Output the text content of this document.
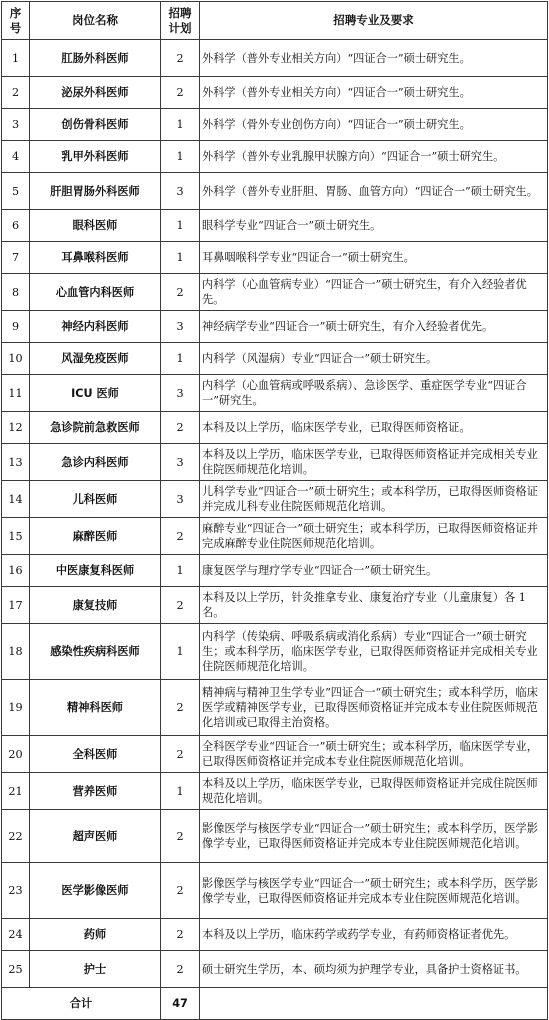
序号	岗位名称	招聘计划	招聘专业及要求
1	肛肠外科医师	2	外科学（普外专业相关方向）“四证合一”硕士研究生。
2	泌尿外科医师	2	外科学（普外专业相关方向）“四证合一”硕士研究生。
3	创伤骨科医师	1	外科学（骨外专业创伤方向）“四证合一”硕士研究生。
4	乳甲外科医师	1	外科学（普外专业乳腺甲状腺方向）“四证合一”硕士研究生。
5	肝胆胃肠外科医师	3	外科学（普外专业肝胆、胃肠、血管方向）“四证合一”硕士研究生。
6	眼科医师	1	眼科学专业“四证合一”硕士研究生。
7	耳鼻喉科医师	1	耳鼻咽喉科学专业“四证合一”硕士研究生。
8	心血管内科医师	2	内科学（心血管病专业）“四证合一”硕士研究生，有介入经验者优先。
9	神经内科医师	3	神经病学专业“四证合一”硕士研究生，有介入经验者优先。
10	风湿免疫医师	1	内科学（风湿病）专业“四证合一”硕士研究生。
11	ICU 医师	3	内科学（心血管病或呼吸系病）、急诊医学、重症医学专业“四证合一”研究生。
12	急诊院前急救医师	2	本科及以上学历，临床医学专业，已取得医师资格证。
13	急诊内科医师	3	本科及以上学历，临床医学专业，已取得医师资格证并完成相关专业住院医师规范化培训。
14	儿科医师	3	儿科学专业“四证合一”硕士研究生；或本科学历，已取得医师资格证并完成儿科专业住院医师规范化培训。
15	麻醉医师	2	麻醉专业“四证合一”硕士研究生；或本科学历，已取得医师资格证并完成麻醉专业住院医师规范化培训。
16	中医康复科医师	1	康复医学与理疗学专业“四证合一”硕士研究生。
17	康复技师	2	本科及以上学历，针灸推拿专业、康复治疗专业（儿童康复）各 1 名。
18	感染性疾病科医师	1	内科学（传染病、呼吸系病或消化系病）专业“四证合一”硕士研究生；或本科学历，临床医学专业，已取得医师资格证并完成相关专业住院医师规范化培训。
19	精神科医师	2	精神病与精神卫生学专业”四证合一“硕士研究生；或本科学历，临床医学或精神医学专业，已取得医师资格证并完成本专业住院医师规范化培训或已取得主治资格。
20	全科医师	2	全科医学专业“四证合一”硕士研究生；或本科学历，临床医学专业，已取得医师资格证并完成本专业住院医师规范化培训。
21	营养医师	1	本科及以上学历，临床医学专业，已取得医师资格证并完成住院医师规范化培训。
22	超声医师	2	影像医学与核医学专业“四证合一”硕士研究生；或本科学历，医学影像学专业，已取得医师资格证并完成本专业住院医师规范化培训。
23	医学影像医师	2	影像医学与核医学专业“四证合一”硕士研究生；或本科学历，医学影像学专业，已取得医师资格证并完成本专业住院医师规范化培训。
24	药师	2	本科及以上学历，临床药学或药学专业，有药师资格证者优先。
25	护士	2	硕士研究生学历，本、硕均须为护理学专业，具备护士资格证书。
合计		47	
